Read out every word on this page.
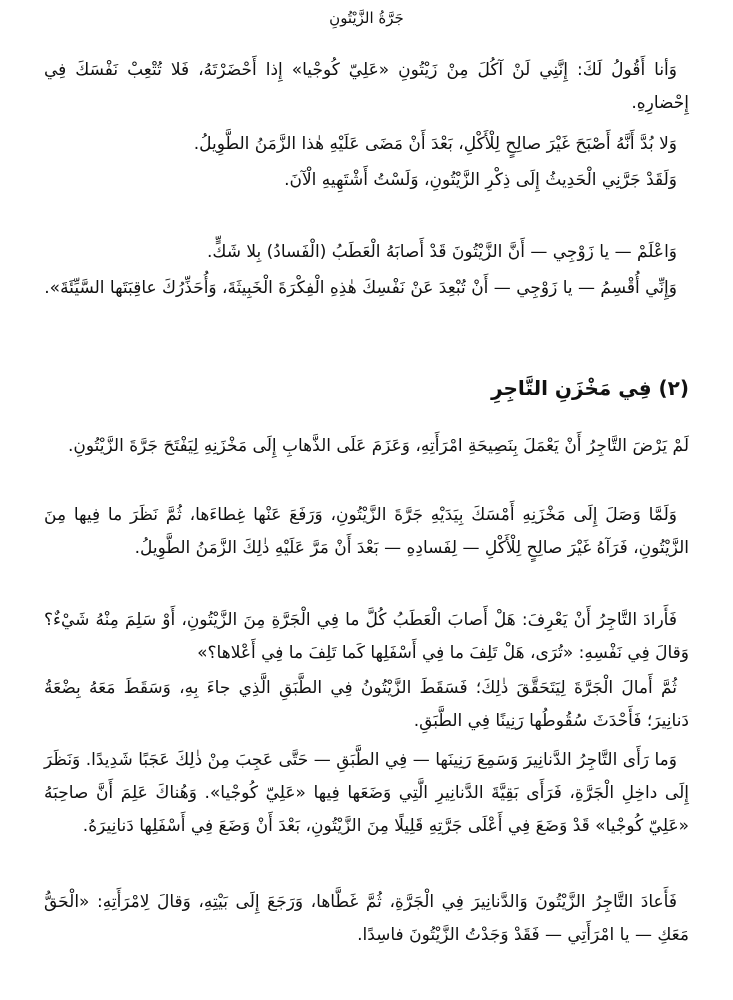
جَرَّةُ الزَّيْتُونِ

وَأنا أَقُولُ لَكَ: إِنَّنِي لَنْ آكُلَ مِنْ زَيْتُونِ «عَلِيّ كُوجْيا» إِذا أَحْضَرْتَهُ، فَلا تُتْعِبْ نَفْسَكَ فِي إِحْضارِهِ.

وَلا بُدَّ أَنَّهُ أَصْبَحَ غَيْرَ صالِحٍ لِلْأَكْلِ، بَعْدَ أَنْ مَضَى عَلَيْهِ هٰذا الزَّمَنُ الطَّوِيلُ.

وَلَقَدْ جَرَّنِي الْحَدِيثُ إِلَى ذِكْرِ الزَّيْتُونِ، وَلَسْتُ أَشْتَهِيهِ الْآنَ.

وَاعْلَمْ — يا زَوْجِي — أَنَّ الزَّيْتُونَ قَدْ أَصابَهُ الْعَطَبُ (الْفَسادُ) بِلا شَكٍّ.

وَإِنِّي أُقْسِمُ — يا زَوْجِي — أَنْ تُبْعِدَ عَنْ نَفْسِكَ هٰذِهِ الْفِكْرَةَ الْخَبِيثَةَ، وَأُحَذِّرُكَ عاقِبَتَها السَّيِّئَةَ».

(٢) فِي مَخْزَنِ التَّاجِرِ

لَمْ يَرْضَ التَّاجِرُ أَنْ يَعْمَلَ بِنَصِيحَةِ امْرَأَتِهِ، وَعَزَمَ عَلَى الذَّهابِ إِلَى مَخْزَنِهِ لِيَفْتَحَ جَرَّةَ الزَّيْتُونِ.

وَلَمَّا وَصَلَ إِلَى مَخْزَنِهِ أَمْسَكَ بِيَدَيْهِ جَرَّةَ الزَّيْتُونِ، وَرَفَعَ عَنْها غِطاءَها، ثُمَّ نَظَرَ ما فِيها مِنَ الزَّيْتُونِ، فَرَآهُ غَيْرَ صالِحٍ لِلْأَكْلِ — لِفَسادِهِ — بَعْدَ أَنْ مَرَّ عَلَيْهِ ذٰلِكَ الزَّمَنُ الطَّوِيلُ.

فَأَرادَ التَّاجِرُ أَنْ يَعْرِفَ: هَلْ أَصابَ الْعَطَبُ كُلَّ ما فِي الْجَرَّةِ مِنَ الزَّيْتُونِ، أَوْ سَلِمَ مِنْهُ شَيْءٌ؟ وَقالَ فِي نَفْسِهِ: «تُرَى، هَلْ تَلِفَ ما فِي أَسْفَلِها كَما تَلِفَ ما فِي أَعْلاها؟»

ثُمَّ أَمالَ الْجَرَّةَ لِيَتَحَقَّقَ ذٰلِكَ؛ فَسَقَطَ الزَّيْتُونُ فِي الطَّبَقِ الَّذِي جاءَ بِهِ، وَسَقَطَ مَعَهُ بِضْعَةُ دَنانِيرَ؛ فَأَحْدَثَ سُقُوطُها رَنِينًا فِي الطَّبَقِ.

وَما رَأَى التَّاجِرُ الدَّنانِيرَ وَسَمِعَ رَنِينَها — فِي الطَّبَقِ — حَتَّى عَجِبَ مِنْ ذٰلِكَ عَجَبًا شَدِيدًا. وَنَظَرَ إِلَى داخِلِ الْجَرَّةِ، فَرَأَى بَقِيَّةَ الدَّنانِيرِ الَّتِي وَضَعَها فِيها «عَلِيّ كُوجْيا». وَهُناكَ عَلِمَ أَنَّ صاحِبَهُ «عَلِيّ كُوجْيا» قَدْ وَضَعَ فِي أَعْلَى جَرَّتِهِ قَلِيلًا مِنَ الزَّيْتُونِ، بَعْدَ أَنْ وَضَعَ فِي أَسْفَلِها دَنانِيرَهُ.

فَأَعادَ التَّاجِرُ الزَّيْتُونَ وَالدَّنانِيرَ فِي الْجَرَّةِ، ثُمَّ غَطَّاها، وَرَجَعَ إِلَى بَيْتِهِ، وَقالَ لِامْرَأَتِهِ: «الْحَقُّ مَعَكِ — يا امْرَأَتِي — فَقَدْ وَجَدْتُ الزَّيْتُونَ فاسِدًا.
